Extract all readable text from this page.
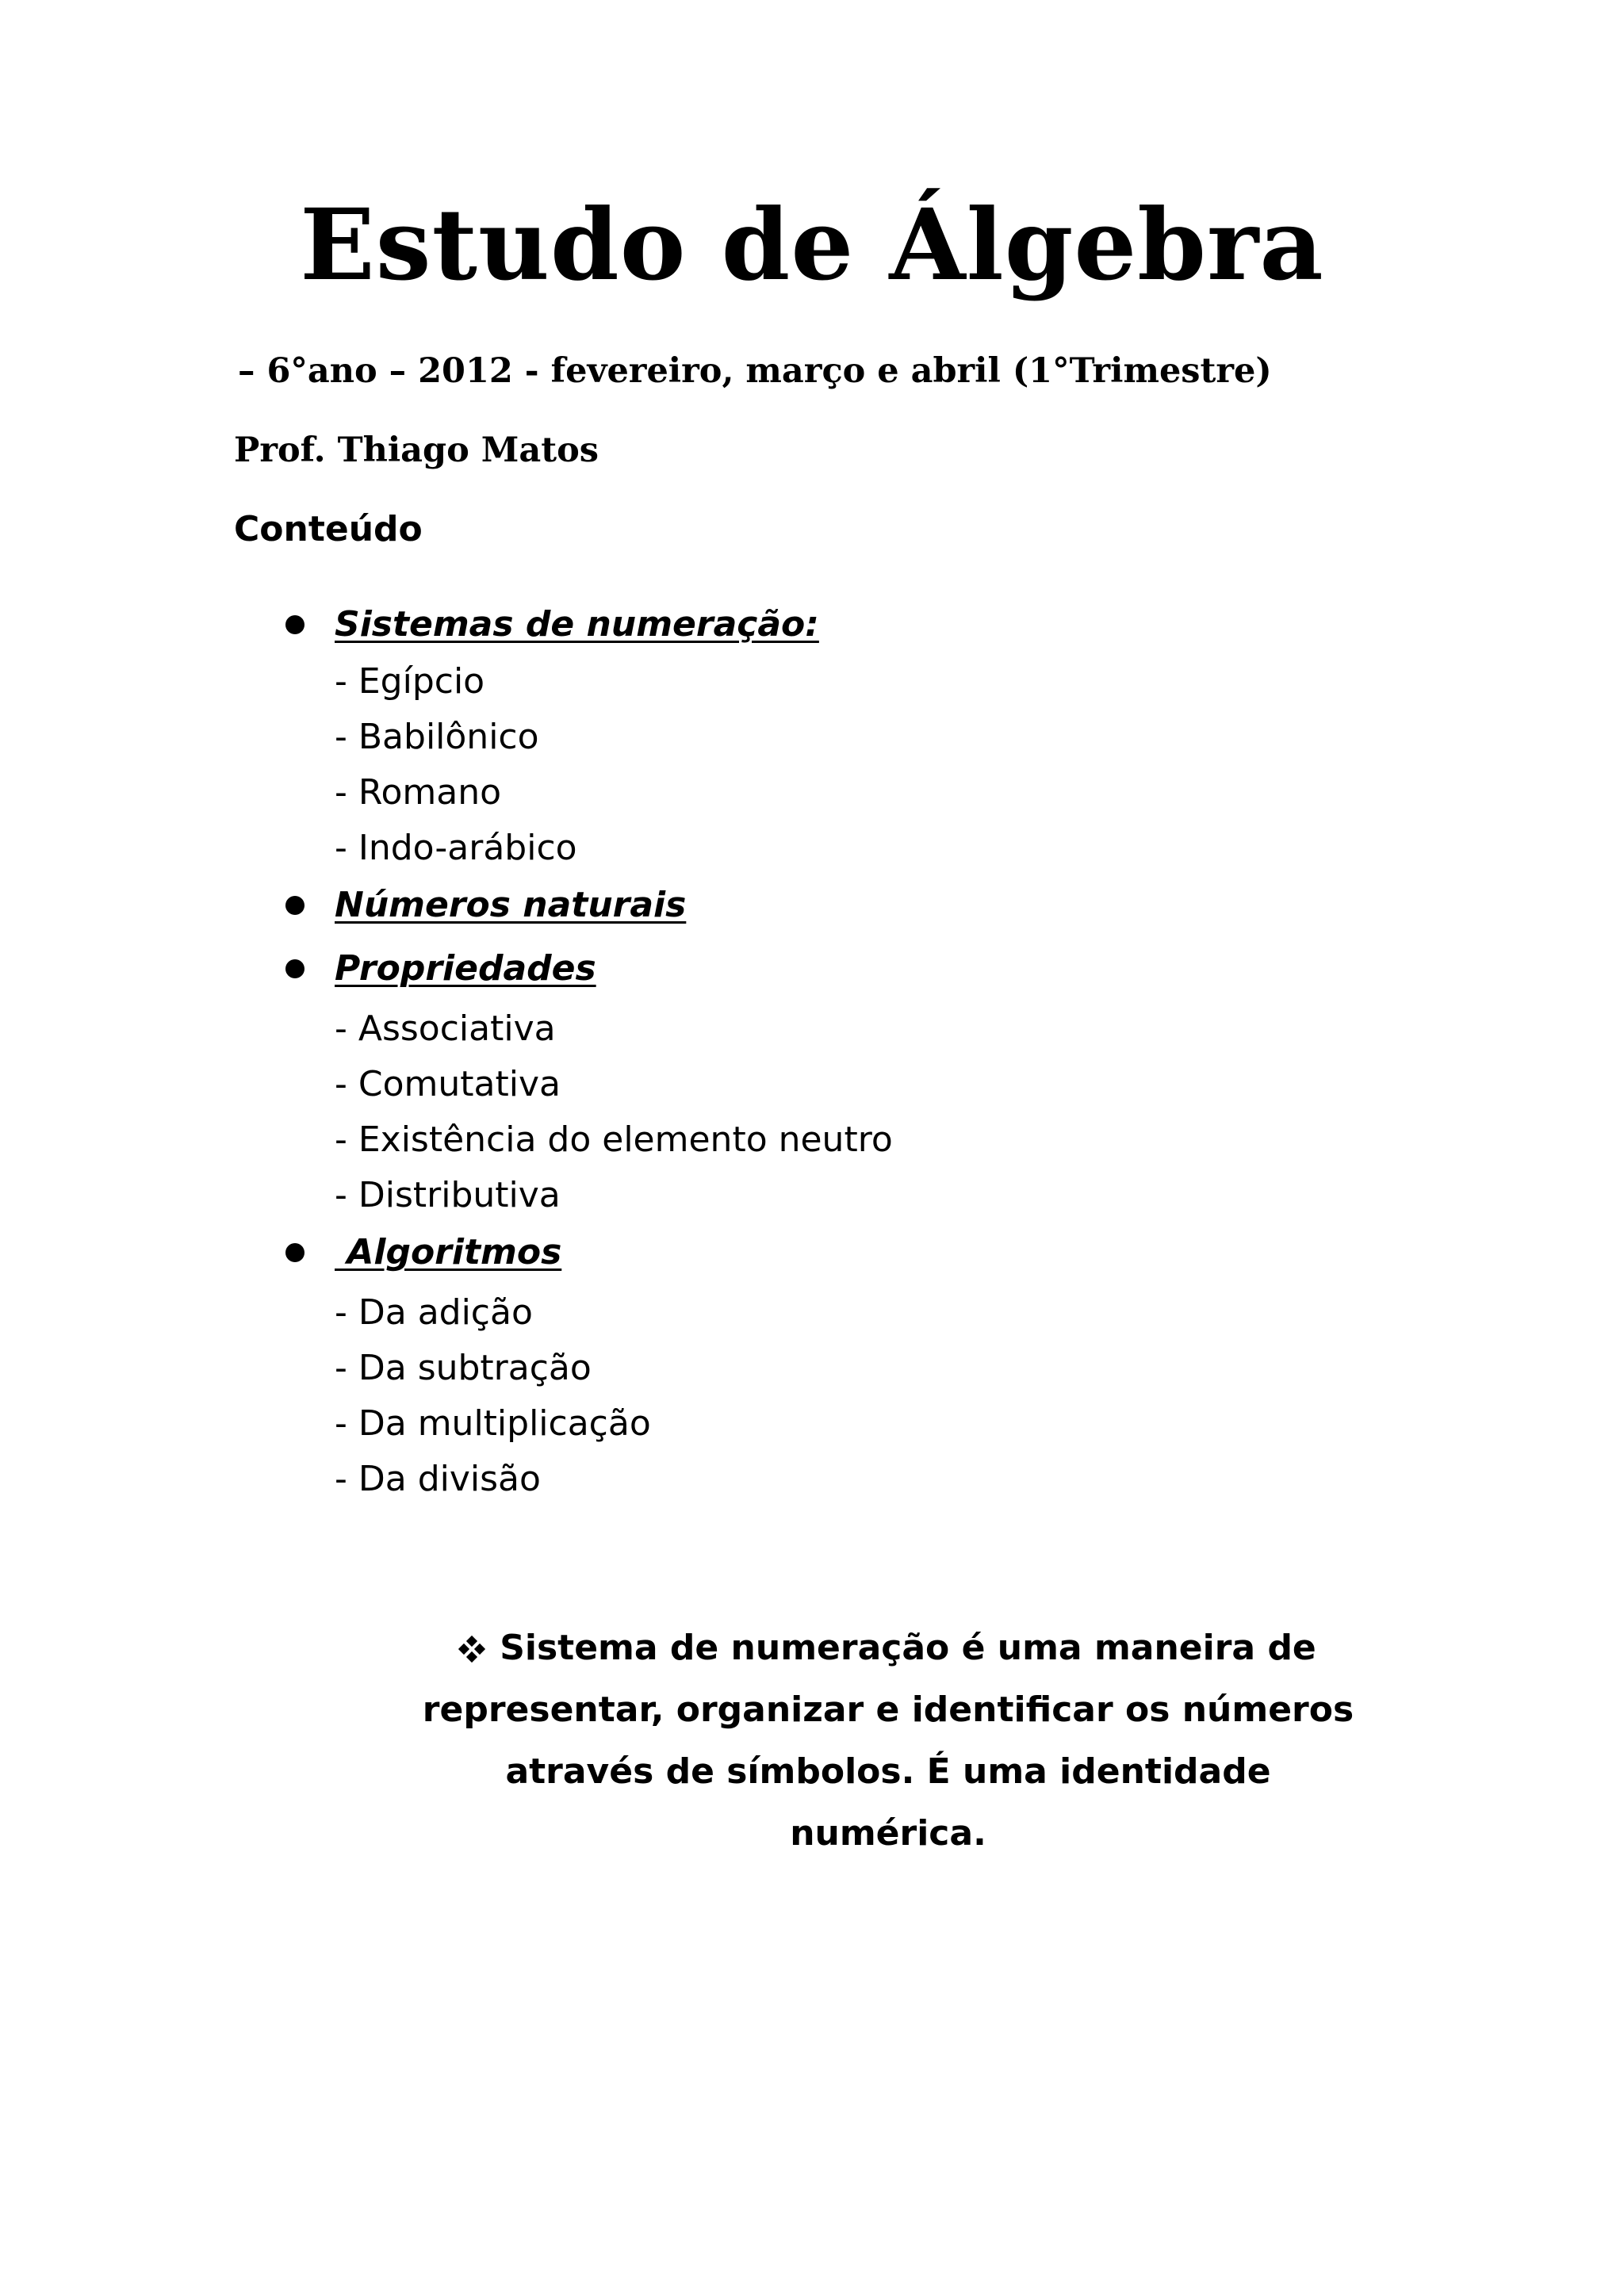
Estudo de Álgebra
– 6°ano – 2012 - fevereiro, março e abril (1°Trimestre)
Prof. Thiago Matos
Conteúdo
Sistemas de numeração:
- Egípcio
- Babilônico
- Romano
- Indo-arábico
Números naturais
Propriedades
- Associativa
- Comutativa
- Existência do elemento neutro
- Distributiva
Algoritmos
- Da adição
- Da subtração
- Da multiplicação
- Da divisão
Sistema de numeração é uma maneira de representar, organizar e identificar os números através de símbolos. É uma identidade numérica.
